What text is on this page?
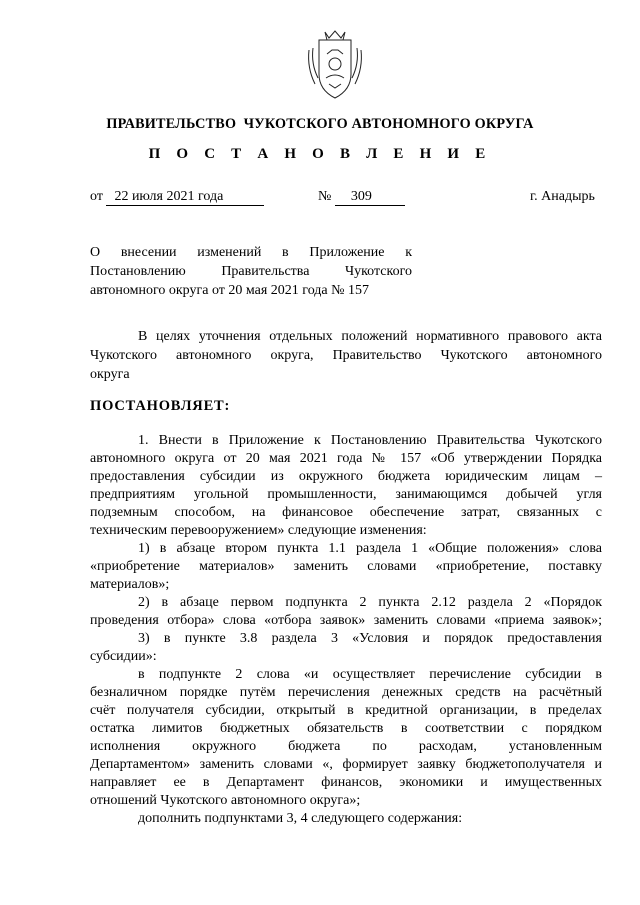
ПРАВИТЕЛЬСТВО  ЧУКОТСКОГО АВТОНОМНОГО ОКРУГА
П О С Т А Н О В Л Е Н И Е
от 22 июля 2021 года	№ 309	г. Анадырь
О внесении изменений в Приложение к
Постановлению Правительства Чукотского
автономного округа от 20 мая 2021 года № 157
В целях уточнения отдельных положений нормативного правового акта
Чукотского автономного округа, Правительство Чукотского автономного
округа
ПОСТАНОВЛЯЕТ:
1. Внести в Приложение к Постановлению Правительства Чукотского
автономного округа от 20 мая 2021 года № 157 «Об утверждении Порядка
предоставления субсидии из окружного бюджета юридическим лицам –
предприятиям угольной промышленности, занимающимся добычей угля
подземным способом, на финансовое обеспечение затрат, связанных с
техническим перевооружением» следующие изменения:
1) в абзаце втором пункта 1.1 раздела 1 «Общие положения» слова
«приобретение материалов» заменить словами «приобретение, поставку
материалов»;
2) в абзаце первом подпункта 2 пункта 2.12 раздела 2 «Порядок
проведения отбора» слова «отбора заявок» заменить словами «приема заявок»;
3) в пункте 3.8 раздела 3 «Условия и порядок предоставления
субсидии»:
в подпункте 2 слова «и осуществляет перечисление субсидии в
безналичном порядке путём перечисления денежных средств на расчётный
счёт получателя субсидии, открытый в кредитной организации, в пределах
остатка лимитов бюджетных обязательств в соответствии с порядком
исполнения окружного бюджета по расходам, установленным
Департаментом» заменить словами «, формирует заявку бюджетополучателя и
направляет ее в Департамент финансов, экономики и имущественных
отношений Чукотского автономного округа»;
дополнить подпунктами 3, 4 следующего содержания:
